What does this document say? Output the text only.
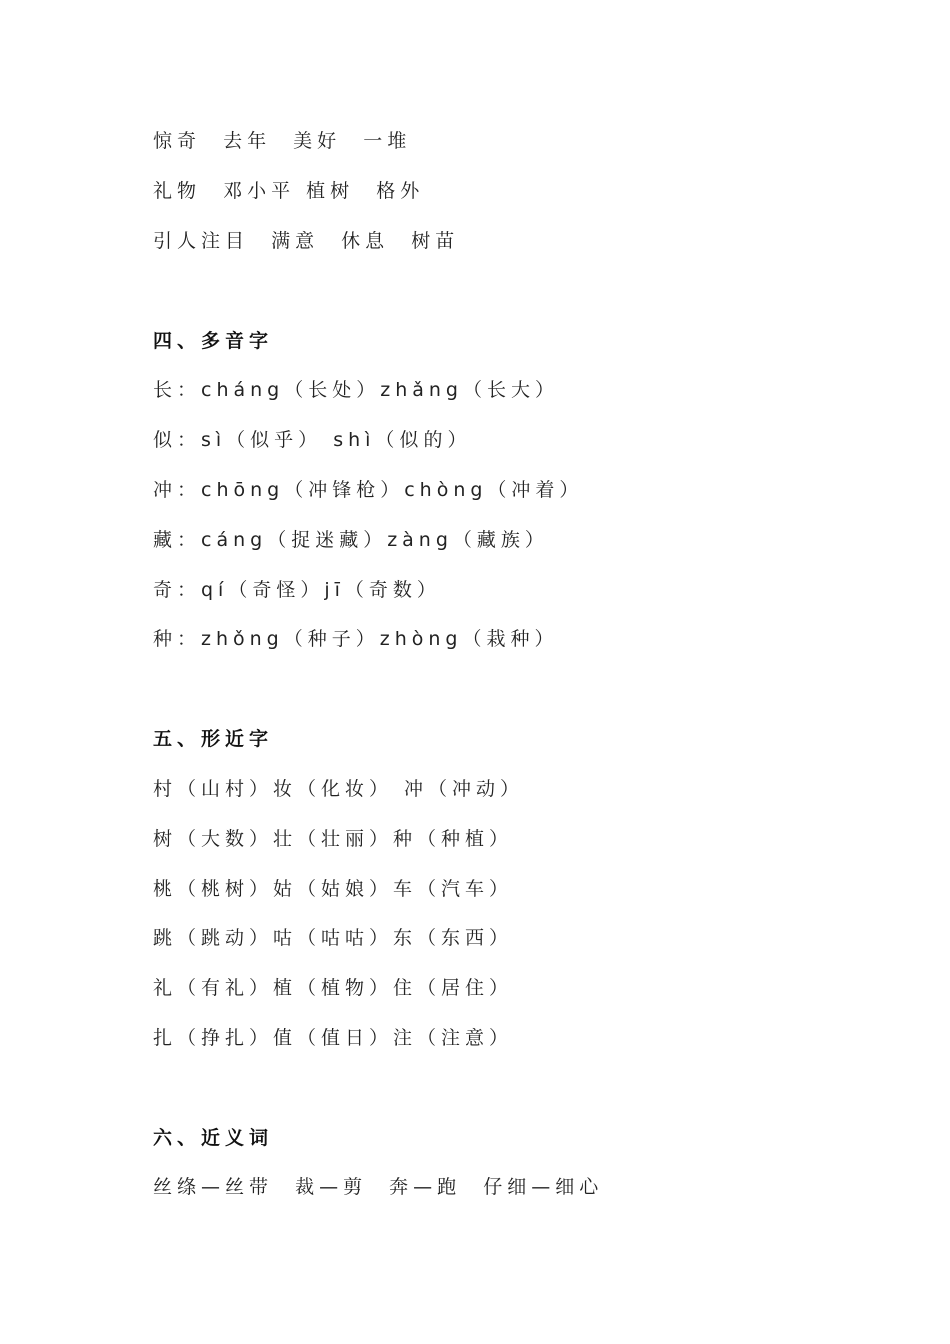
惊奇  去年  美好  一堆
礼物  邓小平 植树  格外
引人注目  满意  休息  树苗
四、多音字
长：cháng（长处）zhǎng（长大）
似：sì（似乎） shì（似的）
冲：chōng（冲锋枪）chòng（冲着）
藏：cáng（捉迷藏）zàng（藏族）
奇：qí（奇怪）jī（奇数）
种：zhǒng（种子）zhòng（栽种）
五、形近字
村（山村）妆（化妆） 冲（冲动）
树（大数）壮（壮丽）种（种植）
桃（桃树）姑（姑娘）车（汽车）
跳（跳动）咕（咕咕）东（东西）
礼（有礼）植（植物）住（居住）
扎（挣扎）值（值日）注（注意）
六、近义词
丝绦—丝带  裁—剪  奔—跑  仔细—细心
